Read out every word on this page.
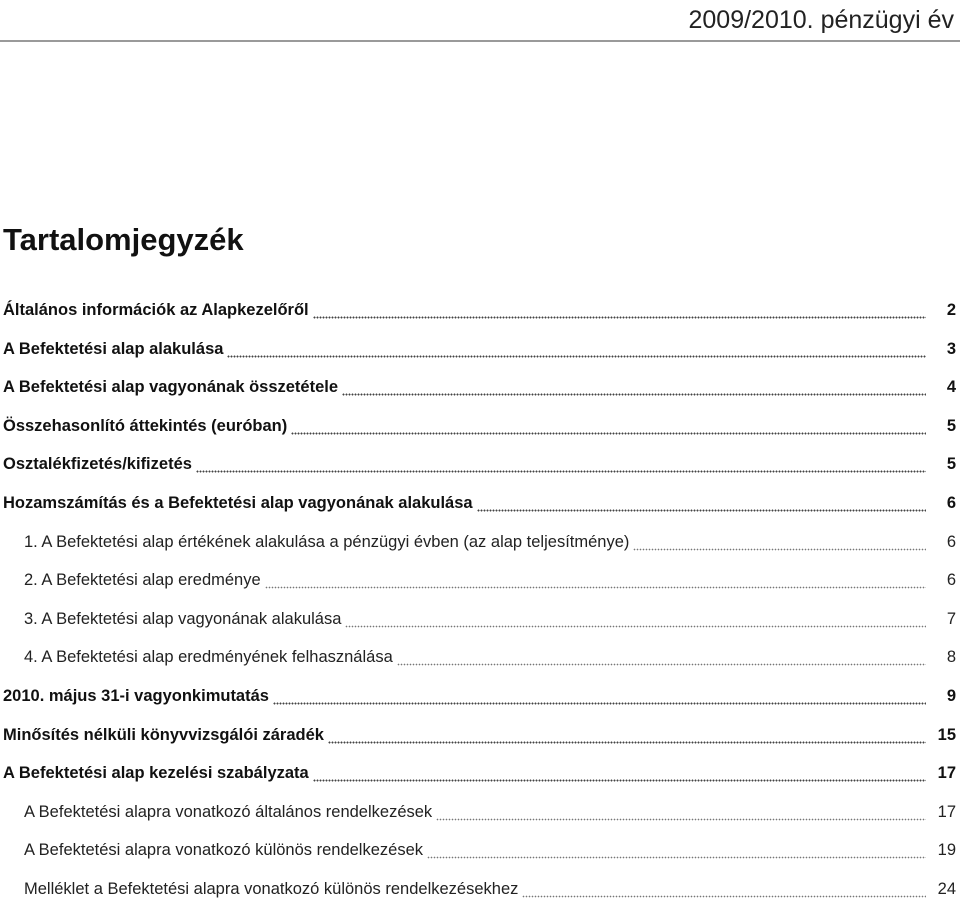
2009/2010. pénzügyi év
Tartalomjegyzék
Általános információk az Alapkezelőről	2
A Befektetési alap alakulása	3
A Befektetési alap vagyonának összetétele	4
Összehasonlító áttekintés (euróban)	5
Osztalékfizetés/kifizetés	5
Hozamszámítás és a Befektetési alap vagyonának alakulása	6
1. A Befektetési alap értékének alakulása a pénzügyi évben (az alap teljesítménye)	6
2. A Befektetési alap eredménye	6
3. A Befektetési alap vagyonának alakulása	7
4. A Befektetési alap eredményének felhasználása	8
2010. május 31-i vagyonkimutatás	9
Minősítés nélküli könyvvizsgálói záradék	15
A Befektetési alap kezelési szabályzata	17
A Befektetési alapra vonatkozó általános rendelkezések	17
A Befektetési alapra vonatkozó különös rendelkezések	19
Melléklet a Befektetési alapra vonatkozó különös rendelkezésekhez	24
